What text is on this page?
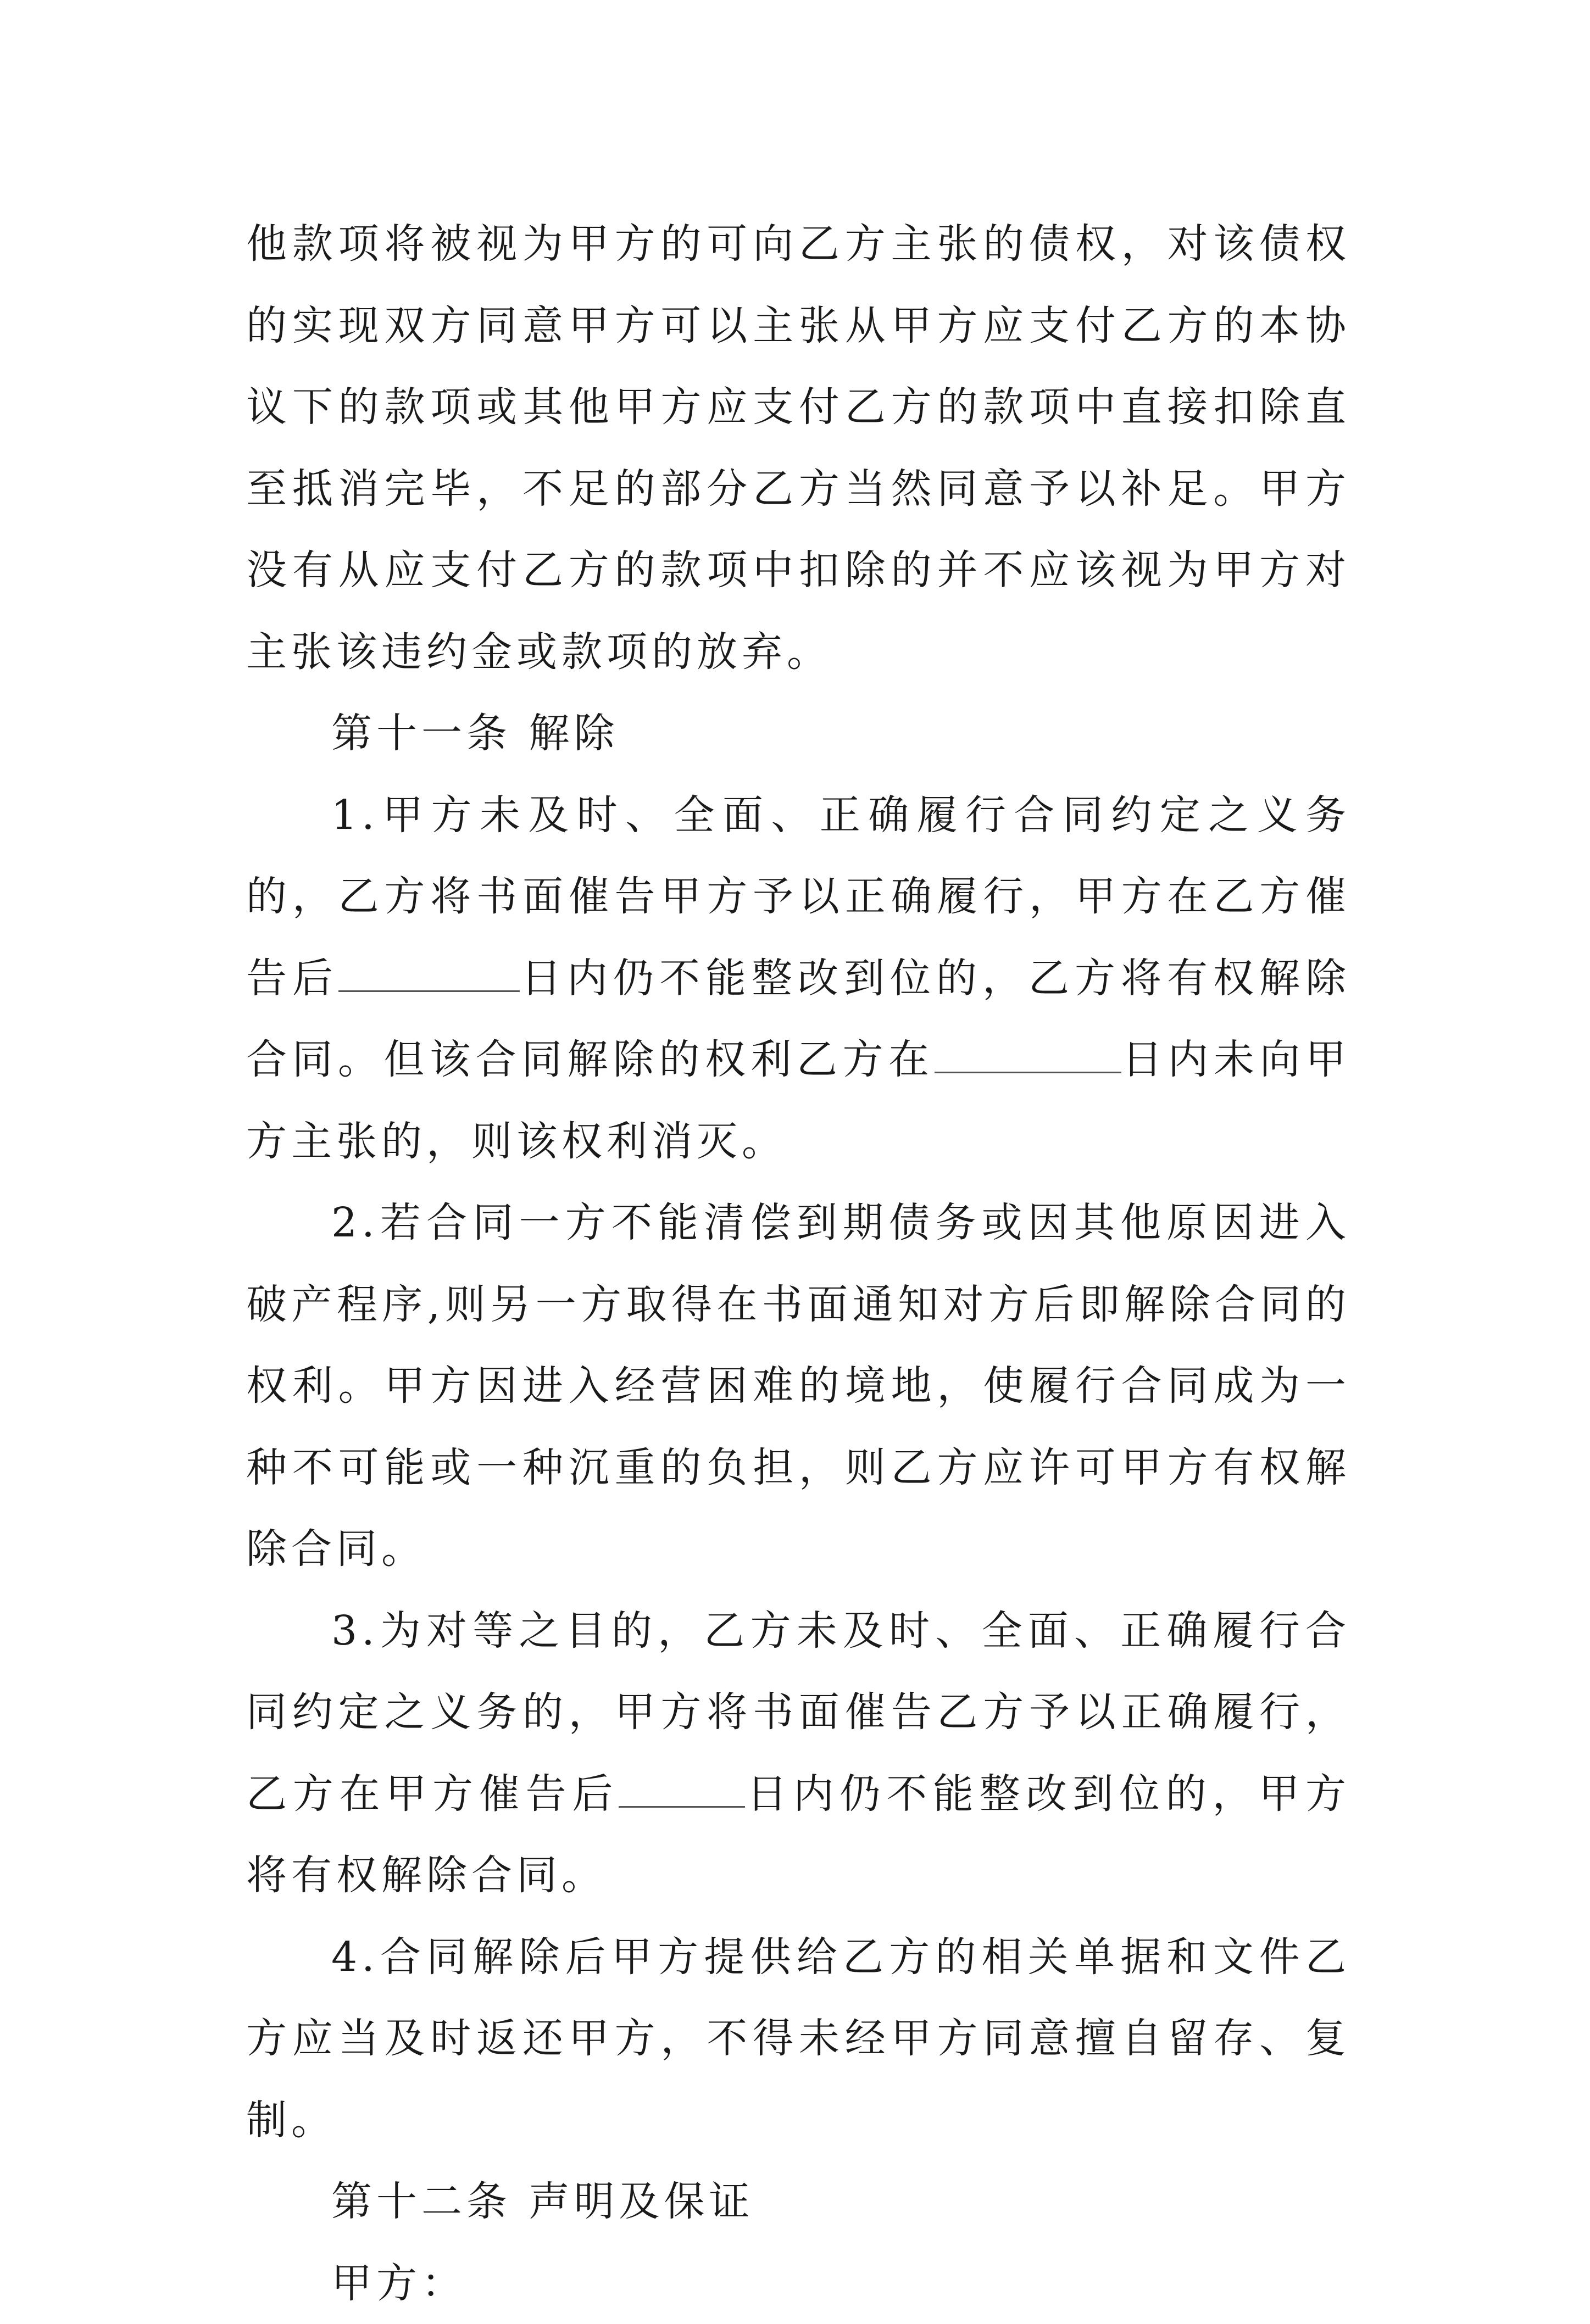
他款项将被视为甲方的可向乙方主张的债权，对该债权的实现双方同意甲方可以主张从甲方应支付乙方的本协议下的款项或其他甲方应支付乙方的款项中直接扣除直至抵消完毕，不足的部分乙方当然同意予以补足。甲方没有从应支付乙方的款项中扣除的并不应该视为甲方对主张该违约金或款项的放弃。

第十一条 解除

1.甲方未及时、全面、正确履行合同约定之义务的，乙方将书面催告甲方予以正确履行，甲方在乙方催告后	日内仍不能整改到位的，乙方将有权解除合同。但该合同解除的权利乙方在	日内未向甲方主张的，则该权利消灭。

2.若合同一方不能清偿到期债务或因其他原因进入破产程序,则另一方取得在书面通知对方后即解除合同的权利。甲方因进入经营困难的境地，使履行合同成为一种不可能或一种沉重的负担，则乙方应许可甲方有权解除合同。

3.为对等之目的，乙方未及时、全面、正确履行合同约定之义务的，甲方将书面催告乙方予以正确履行，乙方在甲方催告后	日内仍不能整改到位的，甲方将有权解除合同。

4.合同解除后甲方提供给乙方的相关单据和文件乙方应当及时返还甲方，不得未经甲方同意擅自留存、复制。

第十二条 声明及保证

甲方：
